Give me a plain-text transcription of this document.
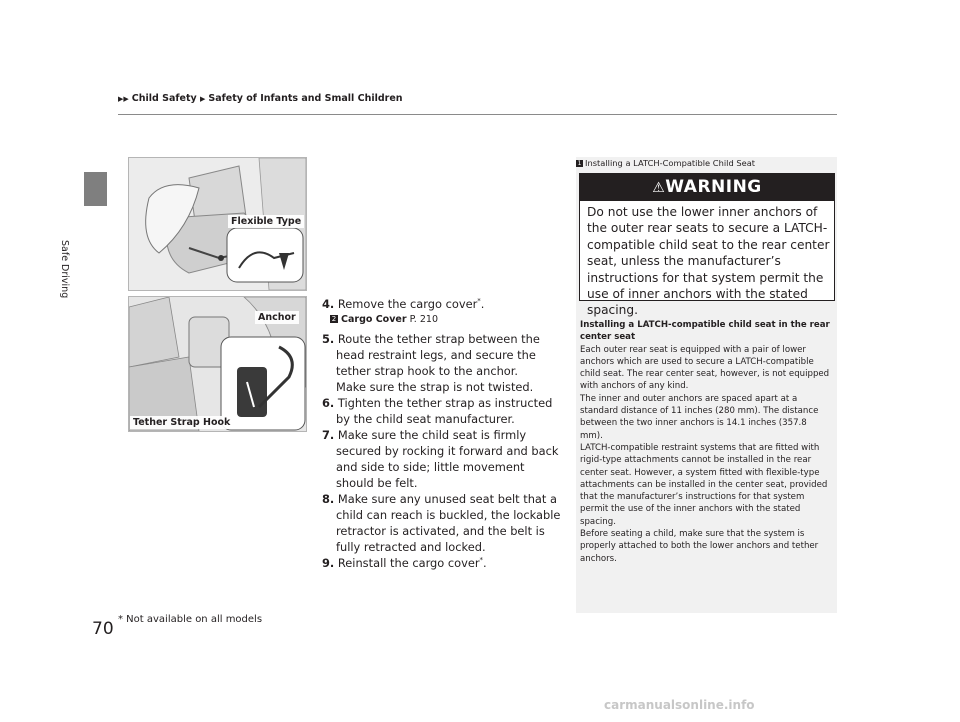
▶▶ Child Safety ▶ Safety of Infants and Small Children
Safe Driving
Flexible Type
Anchor
Tether Strap Hook

4. Remove the cargo cover*.

2 Cargo Cover P. 210

5. Route the tether strap between the head restraint legs, and secure the tether strap hook to the anchor.

Make sure the strap is not twisted.

6. Tighten the tether strap as instructed by the child seat manufacturer.

7. Make sure the child seat is firmly secured by rocking it forward and back and side to side; little movement should be felt.

8. Make sure any unused seat belt that a child can reach is buckled, the lockable retractor is activated, and the belt is fully retracted and locked.

9. Reinstall the cargo cover*.

1 Installing a LATCH-Compatible Child Seat
⚠WARNING
Do not use the lower inner anchors of the outer rear seats to secure a LATCH-compatible child seat to the rear center seat, unless the manufacturer’s instructions for that system permit the use of inner anchors with the stated spacing.

Installing a LATCH-compatible child seat in the rear center seat

Each outer rear seat is equipped with a pair of lower anchors which are used to secure a LATCH-compatible child seat. The rear center seat, however, is not equipped with anchors of any kind.

The inner and outer anchors are spaced apart at a standard distance of 11 inches (280 mm). The distance between the two inner anchors is 14.1 inches (357.8 mm).

LATCH-compatible restraint systems that are fitted with rigid-type attachments cannot be installed in the rear center seat. However, a system fitted with flexible-type attachments can be installed in the center seat, provided that the manufacturer’s instructions for that system permit the use of the inner anchors with the stated spacing.

Before seating a child, make sure that the system is properly attached to both the lower anchors and tether anchors.

70 * Not available on all models
carmanualsonline.info
